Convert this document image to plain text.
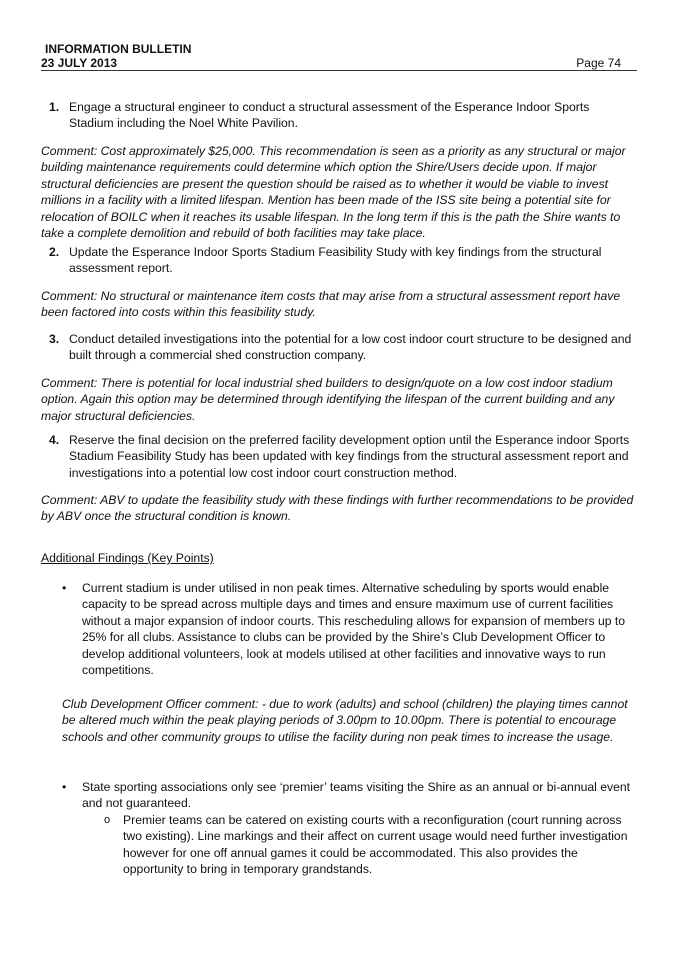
INFORMATION BULLETIN
23 JULY 2013	Page 74
1. Engage a structural engineer to conduct a structural assessment of the Esperance Indoor Sports Stadium including the Noel White Pavilion.
Comment: Cost approximately $25,000. This recommendation is seen as a priority as any structural or major building maintenance requirements could determine which option the Shire/Users decide upon. If major structural deficiencies are present the question should be raised as to whether it would be viable to invest millions in a facility with a limited lifespan. Mention has been made of the ISS site being a potential site for relocation of BOILC when it reaches its usable lifespan. In the long term if this is the path the Shire wants to take a complete demolition and rebuild of both facilities may take place.
2. Update the Esperance Indoor Sports Stadium Feasibility Study with key findings from the structural assessment report.
Comment: No structural or maintenance item costs that may arise from a structural assessment report have been factored into costs within this feasibility study.
3. Conduct detailed investigations into the potential for a low cost indoor court structure to be designed and built through a commercial shed construction company.
Comment: There is potential for local industrial shed builders to design/quote on a low cost indoor stadium option. Again this option may be determined through identifying the lifespan of the current building and any major structural deficiencies.
4. Reserve the final decision on the preferred facility development option until the Esperance indoor Sports Stadium Feasibility Study has been updated with key findings from the structural assessment report and investigations into a potential low cost indoor court construction method.
Comment: ABV to update the feasibility study with these findings with further recommendations to be provided by ABV once the structural condition is known.
Additional Findings (Key Points)
• Current stadium is under utilised in non peak times. Alternative scheduling by sports would enable capacity to be spread across multiple days and times and ensure maximum use of current facilities without a major expansion of indoor courts. This rescheduling allows for expansion of members up to 25% for all clubs. Assistance to clubs can be provided by the Shire’s Club Development Officer to develop additional volunteers, look at models utilised at other facilities and innovative ways to run competitions.
Club Development Officer comment: - due to work (adults) and school (children) the playing times cannot be altered much within the peak playing periods of 3.00pm to 10.00pm. There is potential to encourage schools and other community groups to utilise the facility during non peak times to increase the usage.
• State sporting associations only see ‘premier’ teams visiting the Shire as an annual or bi-annual event and not guaranteed.
o Premier teams can be catered on existing courts with a reconfiguration (court running across two existing). Line markings and their affect on current usage would need further investigation however for one off annual games it could be accommodated. This also provides the opportunity to bring in temporary grandstands.
